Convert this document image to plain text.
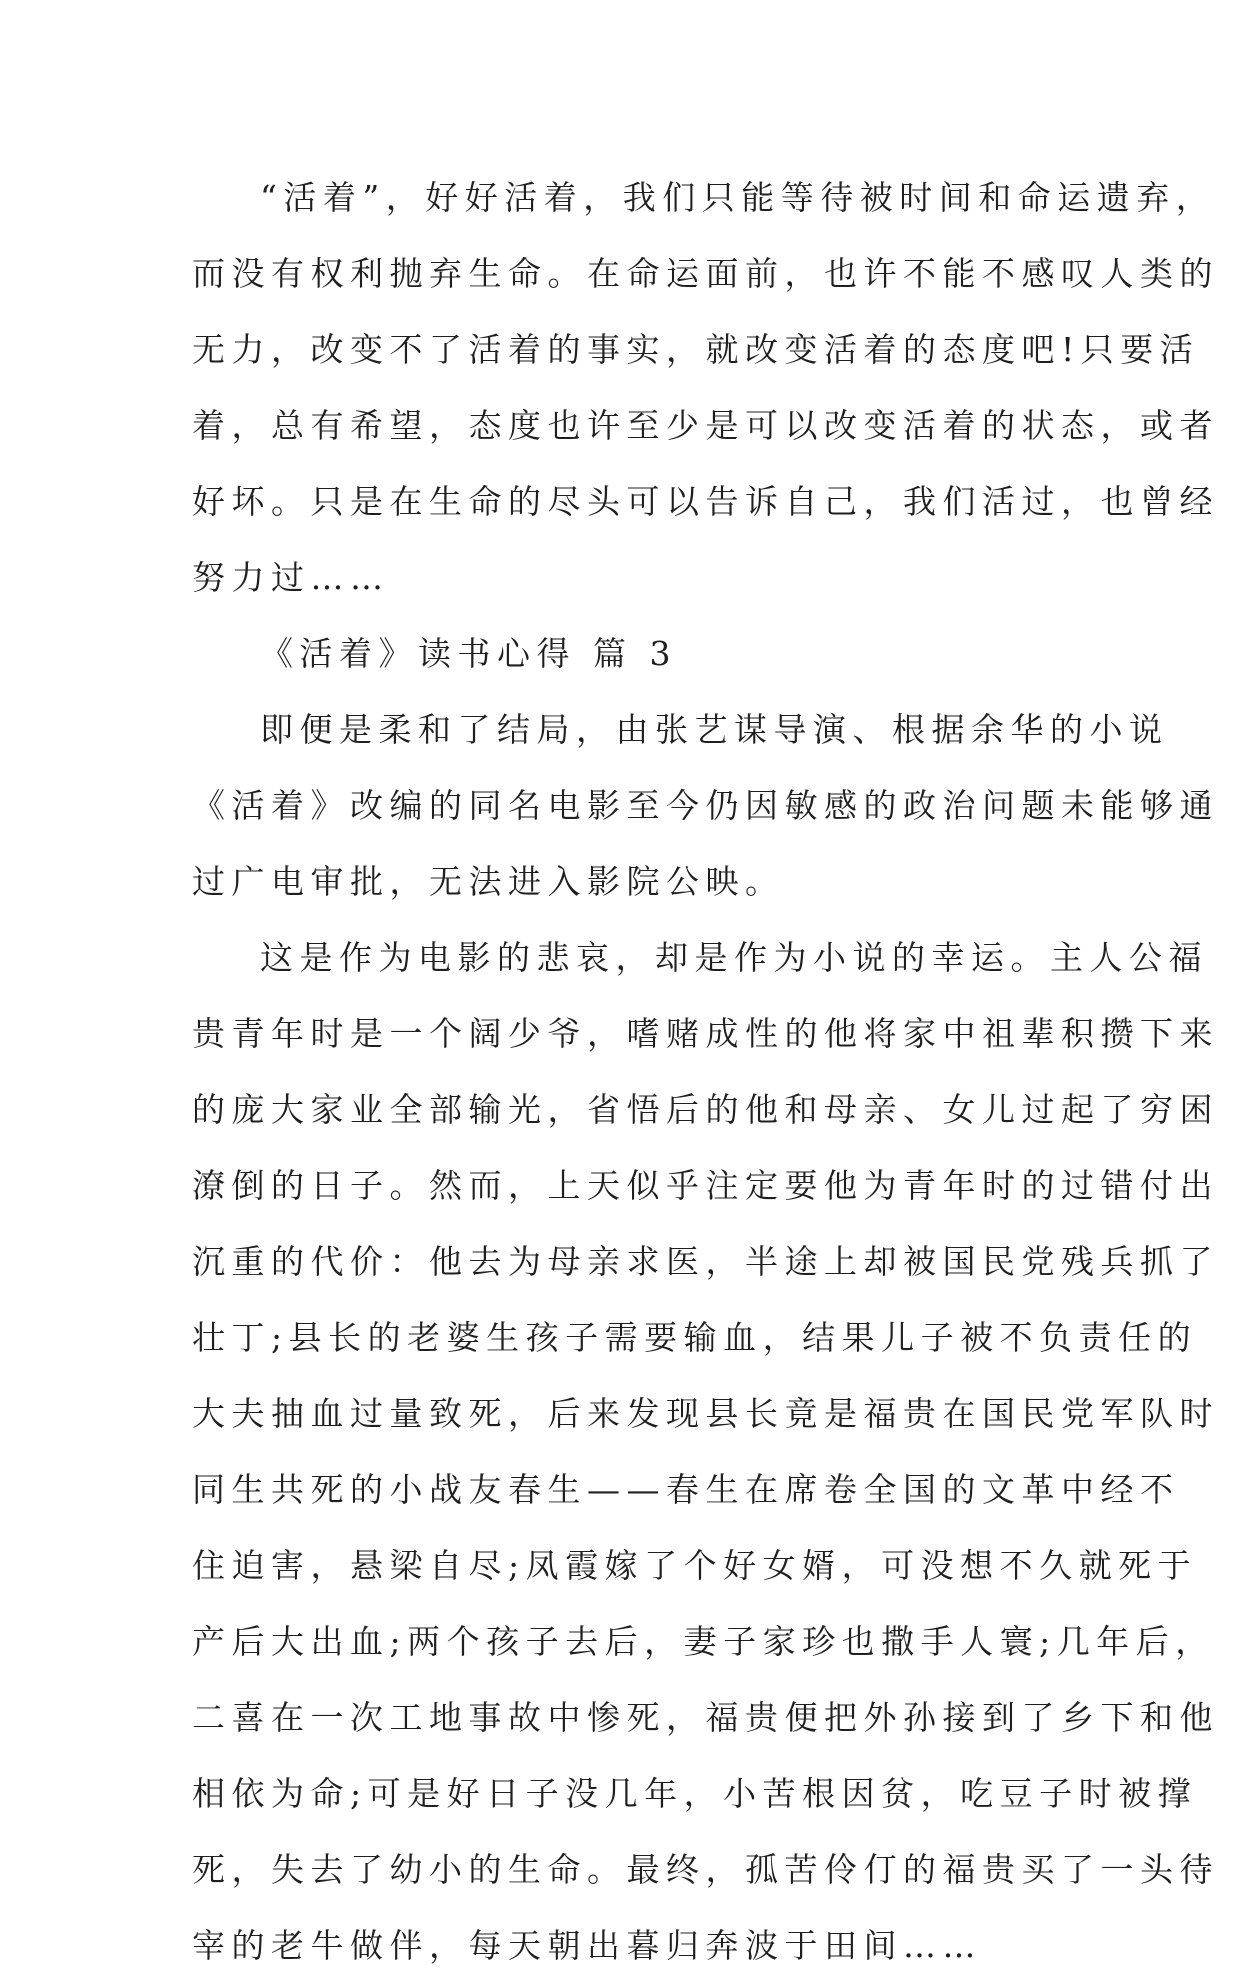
“活着”，好好活着，我们只能等待被时间和命运遗弃，
而没有权利抛弃生命。在命运面前，也许不能不感叹人类的
无力，改变不了活着的事实，就改变活着的态度吧!只要活
着，总有希望，态度也许至少是可以改变活着的状态，或者
好坏。只是在生命的尽头可以告诉自己，我们活过，也曾经
努力过……
《活着》读书心得 篇 3
即便是柔和了结局，由张艺谋导演、根据余华的小说
《活着》改编的同名电影至今仍因敏感的政治问题未能够通
过广电审批，无法进入影院公映。
这是作为电影的悲哀，却是作为小说的幸运。主人公福
贵青年时是一个阔少爷，嗜赌成性的他将家中祖辈积攒下来
的庞大家业全部输光，省悟后的他和母亲、女儿过起了穷困
潦倒的日子。然而，上天似乎注定要他为青年时的过错付出
沉重的代价：他去为母亲求医，半途上却被国民党残兵抓了
壮丁;县长的老婆生孩子需要输血，结果儿子被不负责任的
大夫抽血过量致死，后来发现县长竟是福贵在国民党军队时
同生共死的小战友春生——春生在席卷全国的文革中经不
住迫害，悬梁自尽;凤霞嫁了个好女婿，可没想不久就死于
产后大出血;两个孩子去后，妻子家珍也撒手人寰;几年后，
二喜在一次工地事故中惨死，福贵便把外孙接到了乡下和他
相依为命;可是好日子没几年，小苦根因贫，吃豆子时被撑
死，失去了幼小的生命。最终，孤苦伶仃的福贵买了一头待
宰的老牛做伴，每天朝出暮归奔波于田间……
